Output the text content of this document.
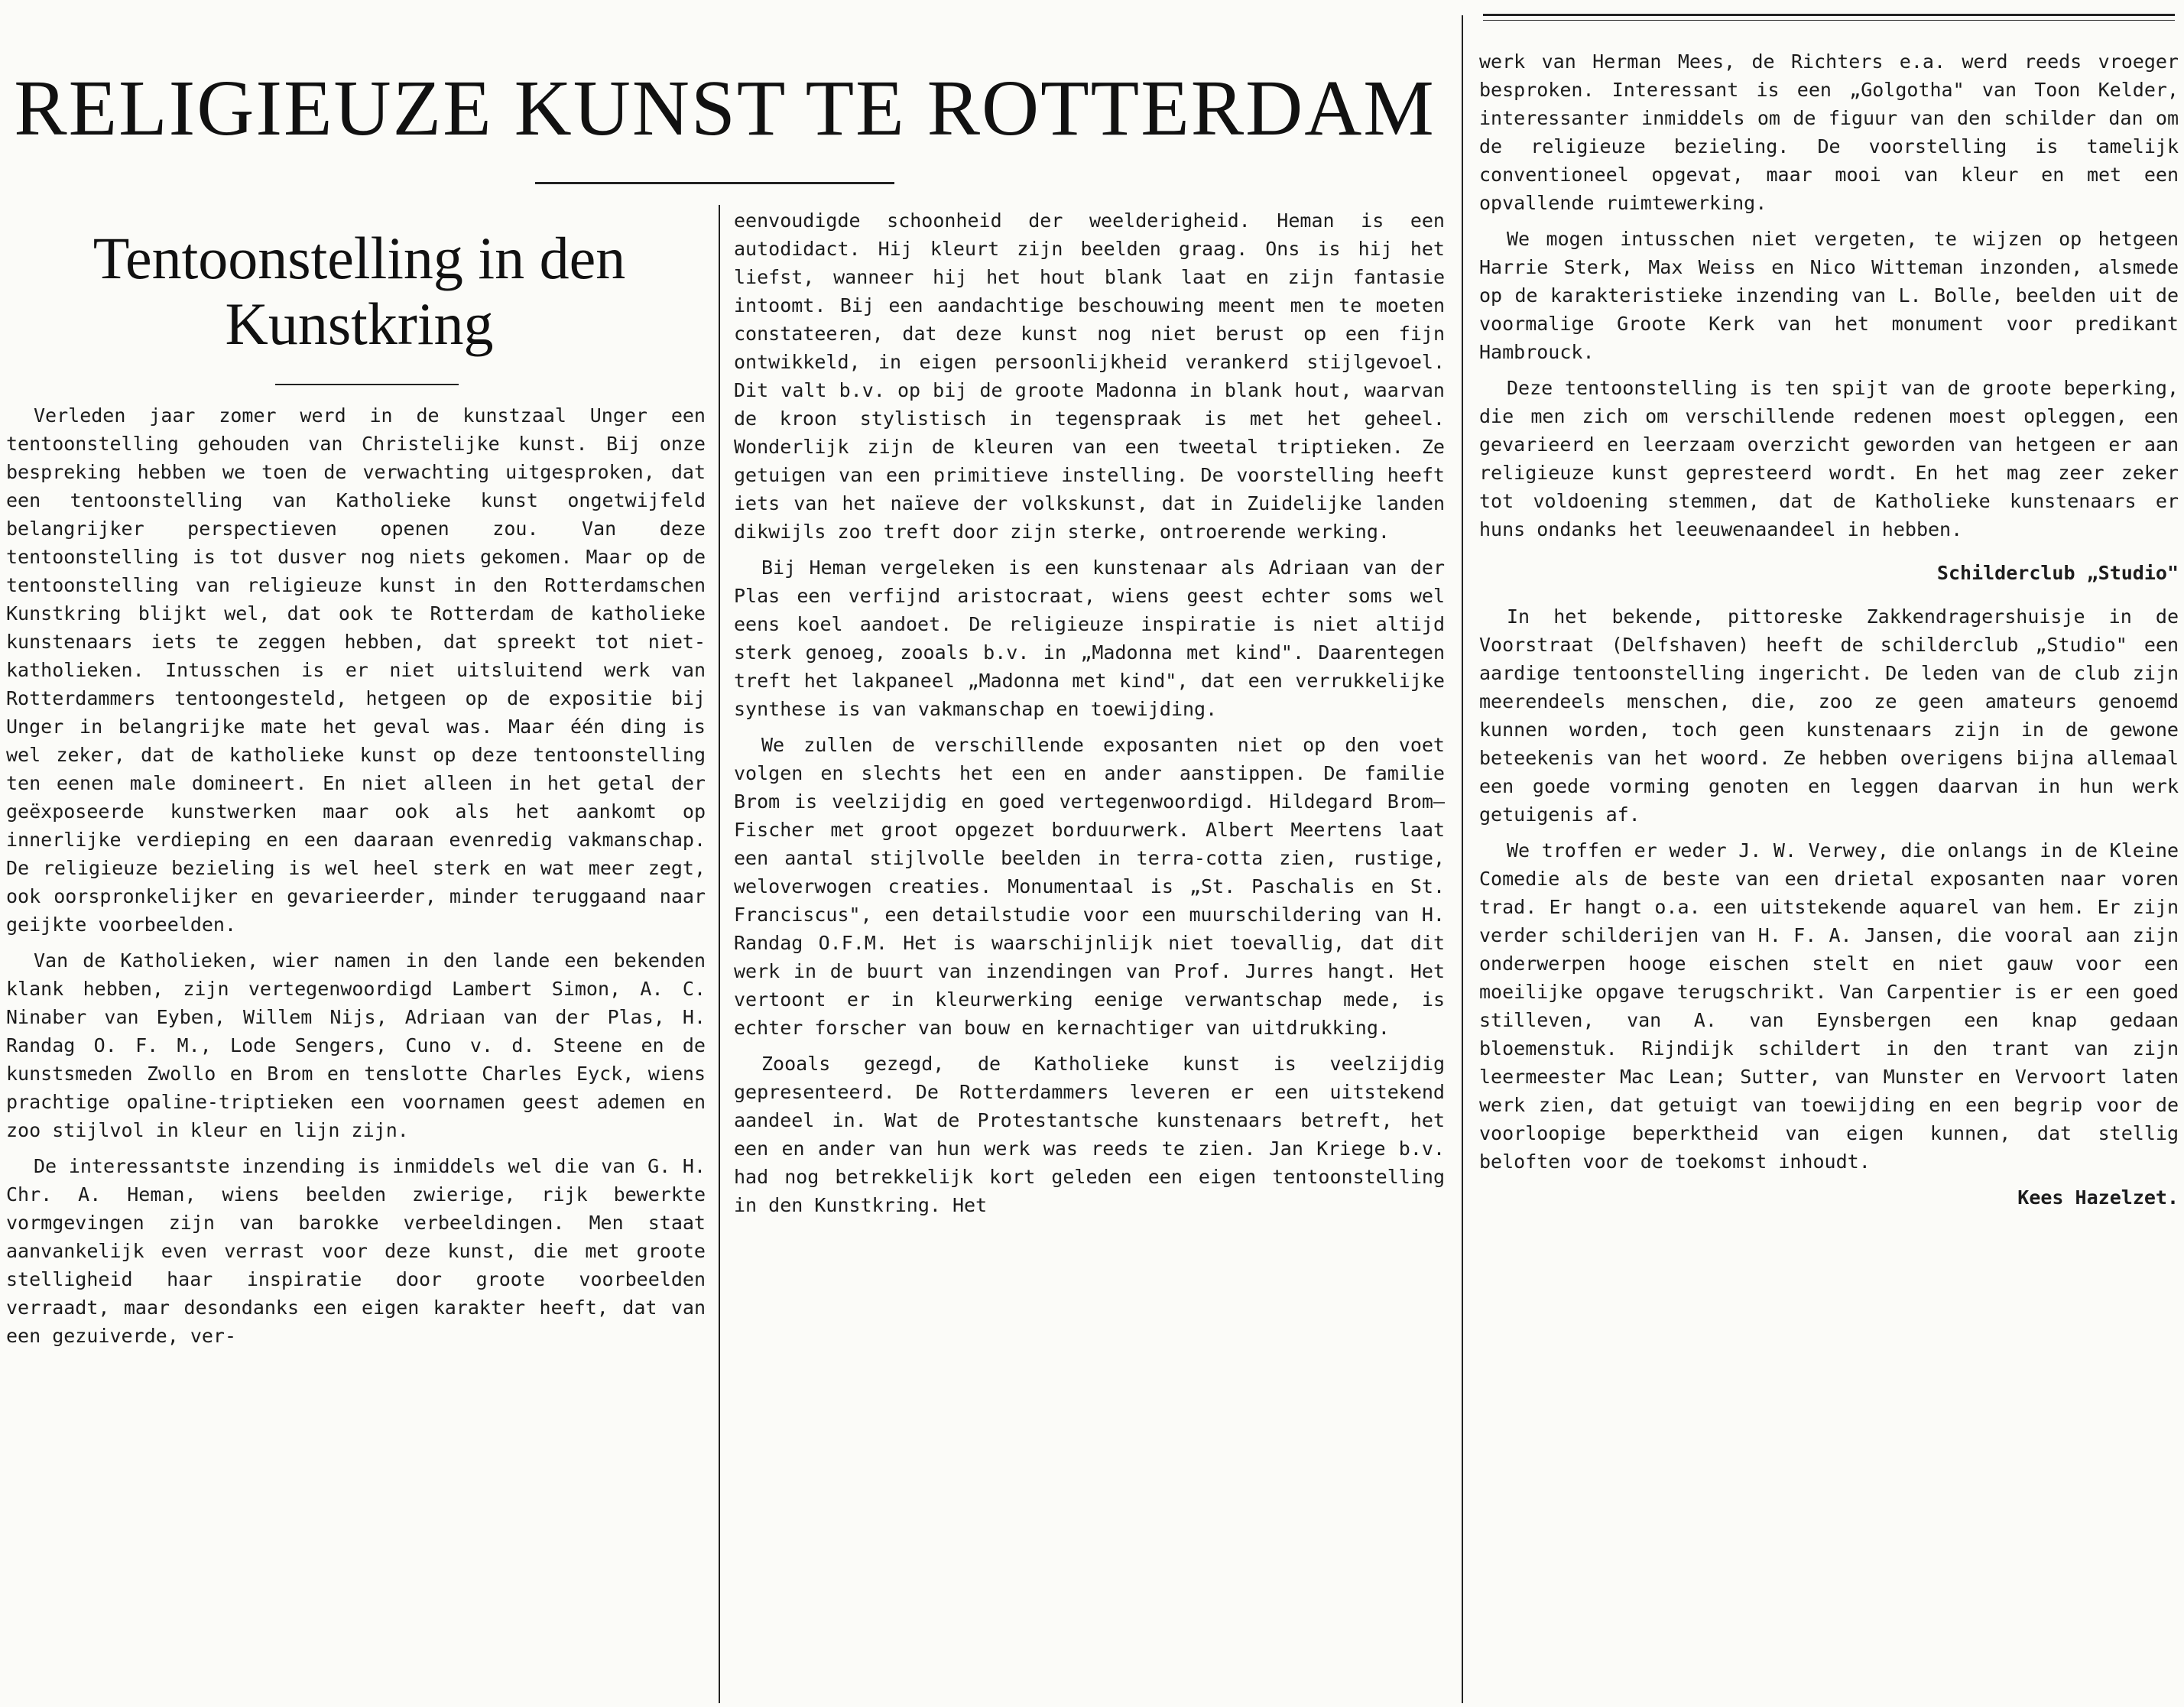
RELIGIEUZE KUNST TE ROTTERDAM
Tentoonstelling in den Kunstkring

Verleden jaar zomer werd in de kunstzaal Unger een tentoonstelling gehouden van Christelijke kunst. Bij onze bespreking hebben we toen de verwachting uitgesproken, dat een tentoonstelling van Katholieke kunst ongetwijfeld belangrijker perspectieven openen zou. Van deze tentoonstelling is tot dusver nog niets gekomen. Maar op de tentoonstelling van religieuze kunst in den Rotterdamschen Kunstkring blijkt wel, dat ook te Rotterdam de katholieke kunstenaars iets te zeggen hebben, dat spreekt tot niet-katholieken. Intusschen is er niet uitsluitend werk van Rotterdammers tentoongesteld, hetgeen op de expositie bij Unger in belangrijke mate het geval was. Maar één ding is wel zeker, dat de katholieke kunst op deze tentoonstelling ten eenen male domineert. En niet alleen in het getal der geëxposeerde kunstwerken maar ook als het aankomt op innerlijke verdieping en een daaraan evenredig vakmanschap. De religieuze bezieling is wel heel sterk en wat meer zegt, ook oorspronkelijker en gevarieerder, minder teruggaand naar geijkte voorbeelden.

Van de Katholieken, wier namen in den lande een bekenden klank hebben, zijn vertegenwoordigd Lambert Simon, A. C. Ninaber van Eyben, Willem Nijs, Adriaan van der Plas, H. Randag O. F. M., Lode Sengers, Cuno v. d. Steene en de kunstsmeden Zwollo en Brom en tenslotte Charles Eyck, wiens prachtige opaline-triptieken een voornamen geest ademen en zoo stijlvol in kleur en lijn zijn.

De interessantste inzending is inmiddels wel die van G. H. Chr. A. Heman, wiens beelden zwierige, rijk bewerkte vormgevingen zijn van barokke verbeeldingen. Men staat aanvankelijk even verrast voor deze kunst, die met groote stelligheid haar inspiratie door groote voorbeelden verraadt, maar desondanks een eigen karakter heeft, dat van een gezuiverde, ver-

eenvoudigde schoonheid der weelderigheid. Heman is een autodidact. Hij kleurt zijn beelden graag. Ons is hij het liefst, wanneer hij het hout blank laat en zijn fantasie intoomt. Bij een aandachtige beschouwing meent men te moeten constateeren, dat deze kunst nog niet berust op een fijn ontwikkeld, in eigen persoonlijkheid verankerd stijlgevoel. Dit valt b.v. op bij de groote Madonna in blank hout, waarvan de kroon stylistisch in tegenspraak is met het geheel. Wonderlijk zijn de kleuren van een tweetal triptieken. Ze getuigen van een primitieve instelling. De voorstelling heeft iets van het naïeve der volkskunst, dat in Zuidelijke landen dikwijls zoo treft door zijn sterke, ontroerende werking.

Bij Heman vergeleken is een kunstenaar als Adriaan van der Plas een verfijnd aristocraat, wiens geest echter soms wel eens koel aandoet. De religieuze inspiratie is niet altijd sterk genoeg, zooals b.v. in „Madonna met kind". Daarentegen treft het lakpaneel „Madonna met kind", dat een verrukkelijke synthese is van vakmanschap en toewijding.

We zullen de verschillende exposanten niet op den voet volgen en slechts het een en ander aanstippen. De familie Brom is veelzijdig en goed vertegenwoordigd. Hildegard Brom—Fischer met groot opgezet borduurwerk. Albert Meertens laat een aantal stijlvolle beelden in terra-cotta zien, rustige, weloverwogen creaties. Monumentaal is „St. Paschalis en St. Franciscus", een detailstudie voor een muurschildering van H. Randag O.F.M. Het is waarschijnlijk niet toevallig, dat dit werk in de buurt van inzendingen van Prof. Jurres hangt. Het vertoont er in kleurwerking eenige verwantschap mede, is echter forscher van bouw en kernachtiger van uitdrukking.

Zooals gezegd, de Katholieke kunst is veelzijdig gepresenteerd. De Rotterdammers leveren er een uitstekend aandeel in. Wat de Protestantsche kunstenaars betreft, het een en ander van hun werk was reeds te zien. Jan Kriege b.v. had nog betrekkelijk kort geleden een eigen tentoonstelling in den Kunstkring. Het

werk van Herman Mees, de Richters e.a. werd reeds vroeger besproken. Interessant is een „Golgotha" van Toon Kelder, interessanter inmiddels om de figuur van den schilder dan om de religieuze bezieling. De voorstelling is tamelijk conventioneel opgevat, maar mooi van kleur en met een opvallende ruimtewerking.

We mogen intusschen niet vergeten, te wijzen op hetgeen Harrie Sterk, Max Weiss en Nico Witteman inzonden, alsmede op de karakteristieke inzending van L. Bolle, beelden uit de voormalige Groote Kerk van het monument voor predikant Hambrouck.

Deze tentoonstelling is ten spijt van de groote beperking, die men zich om verschillende redenen moest opleggen, een gevarieerd en leerzaam overzicht geworden van hetgeen er aan religieuze kunst gepresteerd wordt. En het mag zeer zeker tot voldoening stemmen, dat de Katholieke kunstenaars er huns ondanks het leeuwenaandeel in hebben.

Schilderclub „Studio"

In het bekende, pittoreske Zakkendragershuisje in de Voorstraat (Delfshaven) heeft de schilderclub „Studio" een aardige tentoonstelling ingericht. De leden van de club zijn meerendeels menschen, die, zoo ze geen amateurs genoemd kunnen worden, toch geen kunstenaars zijn in de gewone beteekenis van het woord. Ze hebben overigens bijna allemaal een goede vorming genoten en leggen daarvan in hun werk getuigenis af.

We troffen er weder J. W. Verwey, die onlangs in de Kleine Comedie als de beste van een drietal exposanten naar voren trad. Er hangt o.a. een uitstekende aquarel van hem. Er zijn verder schilderijen van H. F. A. Jansen, die vooral aan zijn onderwerpen hooge eischen stelt en niet gauw voor een moeilijke opgave terugschrikt. Van Carpentier is er een goed stilleven, van A. van Eynsbergen een knap gedaan bloemenstuk. Rijndijk schildert in den trant van zijn leermeester Mac Lean; Sutter, van Munster en Vervoort laten werk zien, dat getuigt van toewijding en een begrip voor de voorloopige beperktheid van eigen kunnen, dat stellig beloften voor de toekomst inhoudt.

Kees Hazelzet.
